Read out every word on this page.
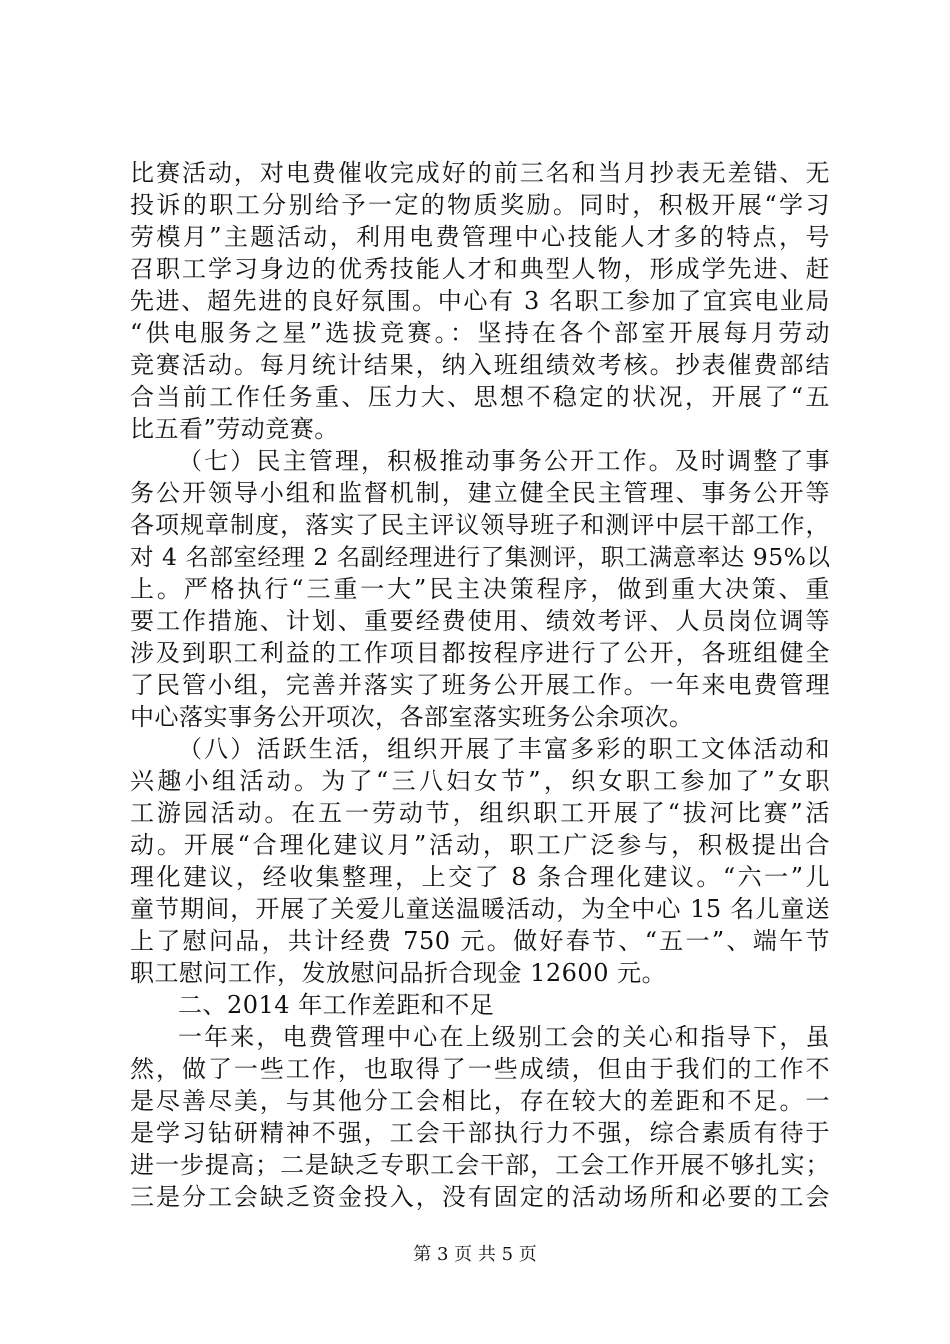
比赛活动，对电费催收完成好的前三名和当月抄表无差错、无
投诉的职工分别给予一定的物质奖励。同时，积极开展“学习
劳模月”主题活动，利用电费管理中心技能人才多的特点，号
召职工学习身边的优秀技能人才和典型人物，形成学先进、赶
先进、超先进的良好氛围。中心有 3 名职工参加了宜宾电业局
“供电服务之星”选拔竞赛。：坚持在各个部室开展每月劳动
竞赛活动。每月统计结果，纳入班组绩效考核。抄表催费部结
合当前工作任务重、压力大、思想不稳定的状况，开展了“五
比五看”劳动竞赛。
（七）民主管理，积极推动事务公开工作。及时调整了事
务公开领导小组和监督机制，建立健全民主管理、事务公开等
各项规章制度，落实了民主评议领导班子和测评中层干部工作，
对 4 名部室经理 2 名副经理进行了集测评，职工满意率达 95%以
上。严格执行“三重一大”民主决策程序，做到重大决策、重
要工作措施、计划、重要经费使用、绩效考评、人员岗位调等
涉及到职工利益的工作项目都按程序进行了公开，各班组健全
了民管小组，完善并落实了班务公开展工作。一年来电费管理
中心落实事务公开项次，各部室落实班务公余项次。
（八）活跃生活，组织开展了丰富多彩的职工文体活动和
兴趣小组活动。为了“三八妇女节”，织女职工参加了”女职
工游园活动。在五一劳动节，组织职工开展了“拔河比赛”活
动。开展“合理化建议月”活动，职工广泛参与，积极提出合
理化建议，经收集整理，上交了 8 条合理化建议。“六一”儿
童节期间，开展了关爱儿童送温暖活动，为全中心 15 名儿童送
上了慰问品，共计经费 750 元。做好春节、“五一”、端午节
职工慰问工作，发放慰问品折合现金 12600 元。
二、2014 年工作差距和不足
一年来，电费管理中心在上级别工会的关心和指导下，虽
然，做了一些工作，也取得了一些成绩，但由于我们的工作不
是尽善尽美，与其他分工会相比，存在较大的差距和不足。一
是学习钻研精神不强，工会干部执行力不强，综合素质有待于
进一步提高；二是缺乏专职工会干部，工会工作开展不够扎实；
三是分工会缺乏资金投入，没有固定的活动场所和必要的工会
第 3 页 共 5 页
